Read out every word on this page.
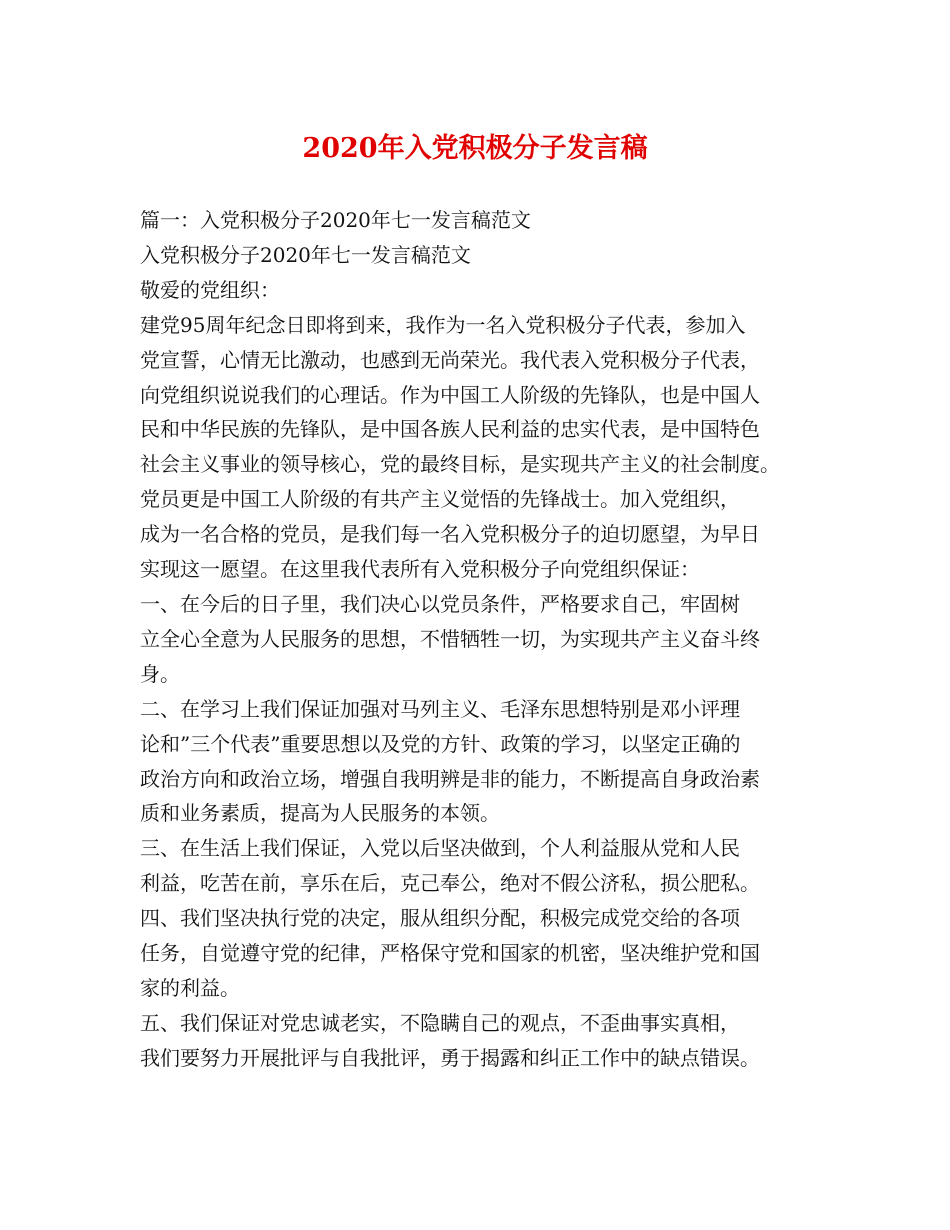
2020年入党积极分子发言稿

篇一：入党积极分子2020年七一发言稿范文

入党积极分子2020年七一发言稿范文

敬爱的党组织：

建党95周年纪念日即将到来，我作为一名入党积极分子代表，参加入
党宣誓，心情无比激动，也感到无尚荣光。我代表入党积极分子代表，
向党组织说说我们的心理话。作为中国工人阶级的先锋队，也是中国人
民和中华民族的先锋队，是中国各族人民利益的忠实代表，是中国特色
社会主义事业的领导核心，党的最终目标，是实现共产主义的社会制度。

党员更是中国工人阶级的有共产主义觉悟的先锋战士。加入党组织，
成为一名合格的党员，是我们每一名入党积极分子的迫切愿望，为早日
实现这一愿望。在这里我代表所有入党积极分子向党组织保证：

一、在今后的日子里，我们决心以党员条件，严格要求自己，牢固树
立全心全意为人民服务的思想，不惜牺牲一切，为实现共产主义奋斗终
身。

二、在学习上我们保证加强对马列主义、毛泽东思想特别是邓小评理
论和”三个代表”重要思想以及党的方针、政策的学习，以坚定正确的
政治方向和政治立场，增强自我明辨是非的能力，不断提高自身政治素
质和业务素质，提高为人民服务的本领。

三、在生活上我们保证，入党以后坚决做到，个人利益服从党和人民
利益，吃苦在前，享乐在后，克己奉公，绝对不假公济私，损公肥私。

四、我们坚决执行党的决定，服从组织分配，积极完成党交给的各项
任务，自觉遵守党的纪律，严格保守党和国家的机密，坚决维护党和国
家的利益。

五、我们保证对党忠诚老实，不隐瞒自己的观点，不歪曲事实真相，
我们要努力开展批评与自我批评，勇于揭露和纠正工作中的缺点错误。
